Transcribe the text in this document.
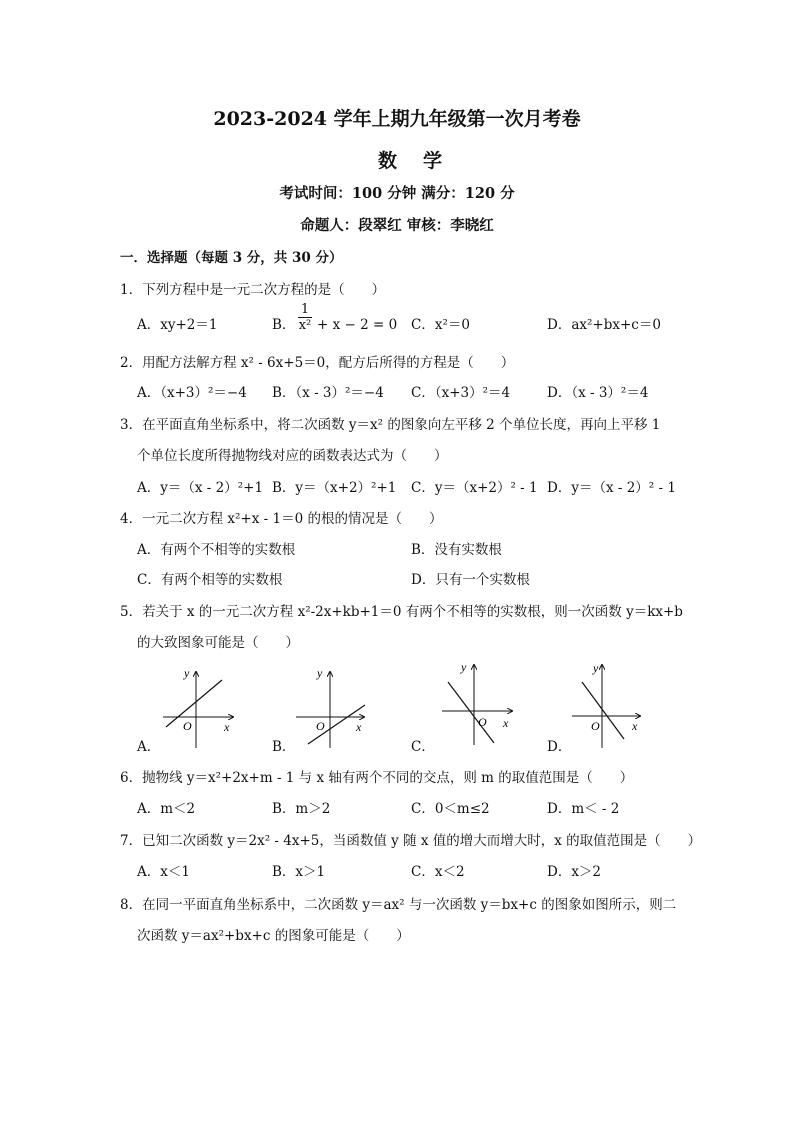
2023-2024 学年上期九年级第一次月考卷
数学
考试时间：100 分钟 满分：120 分
命题人：段翠红 审核：李晓红
一．选择题（每题 3 分，共 30 分）
1．下列方程中是一元二次方程的是（　　）
A．xy+2＝1	B．
1
x² + x − 2 = 0 C．x²＝0	D．ax²+bx+c＝0
2．用配方法解方程 x² - 6x+5＝0，配方后所得的方程是（　　）
A．（x+3）²＝−4 B．（x - 3）²＝−4 C．（x+3）²＝4	D．（x - 3）²＝4
3．在平面直角坐标系中，将二次函数 y＝x² 的图象向左平移 2 个单位长度，再向上平移 1
个单位长度所得抛物线对应的函数表达式为（　　）
A．y＝（x - 2）²+1 B．y＝（x+2）²+1 C．y＝（x+2）² - 1 D．y＝（x - 2）² - 1
4．一元二次方程 x²+x - 1＝0 的根的情况是（　　）
A．有两个不相等的实数根	B．没有实数根
C．有两个相等的实数根	D．只有一个实数根
5．若关于 x 的一元二次方程 x²-2x+kb+1＝0 有两个不相等的实数根，则一次函数 y＝kx+b
的大致图象可能是（　　）
y
x
O
y
x
O
y
x
O
y
x
O
A．	B．	C．	D．
6．抛物线 y＝x²+2x+m - 1 与 x 轴有两个不同的交点，则 m 的取值范围是（　　）
A．m＜2	B．m＞2	C．0＜m≤2	D．m＜ - 2
7．已知二次函数 y＝2x² - 4x+5，当函数值 y 随 x 值的增大而增大时，x 的取值范围是（　　）
A．x＜1	B．x＞1	C．x＜2	D．x＞2
8．在同一平面直角坐标系中，二次函数 y＝ax² 与一次函数 y＝bx+c 的图象如图所示，则二
次函数 y＝ax²+bx+c 的图象可能是（　　）
